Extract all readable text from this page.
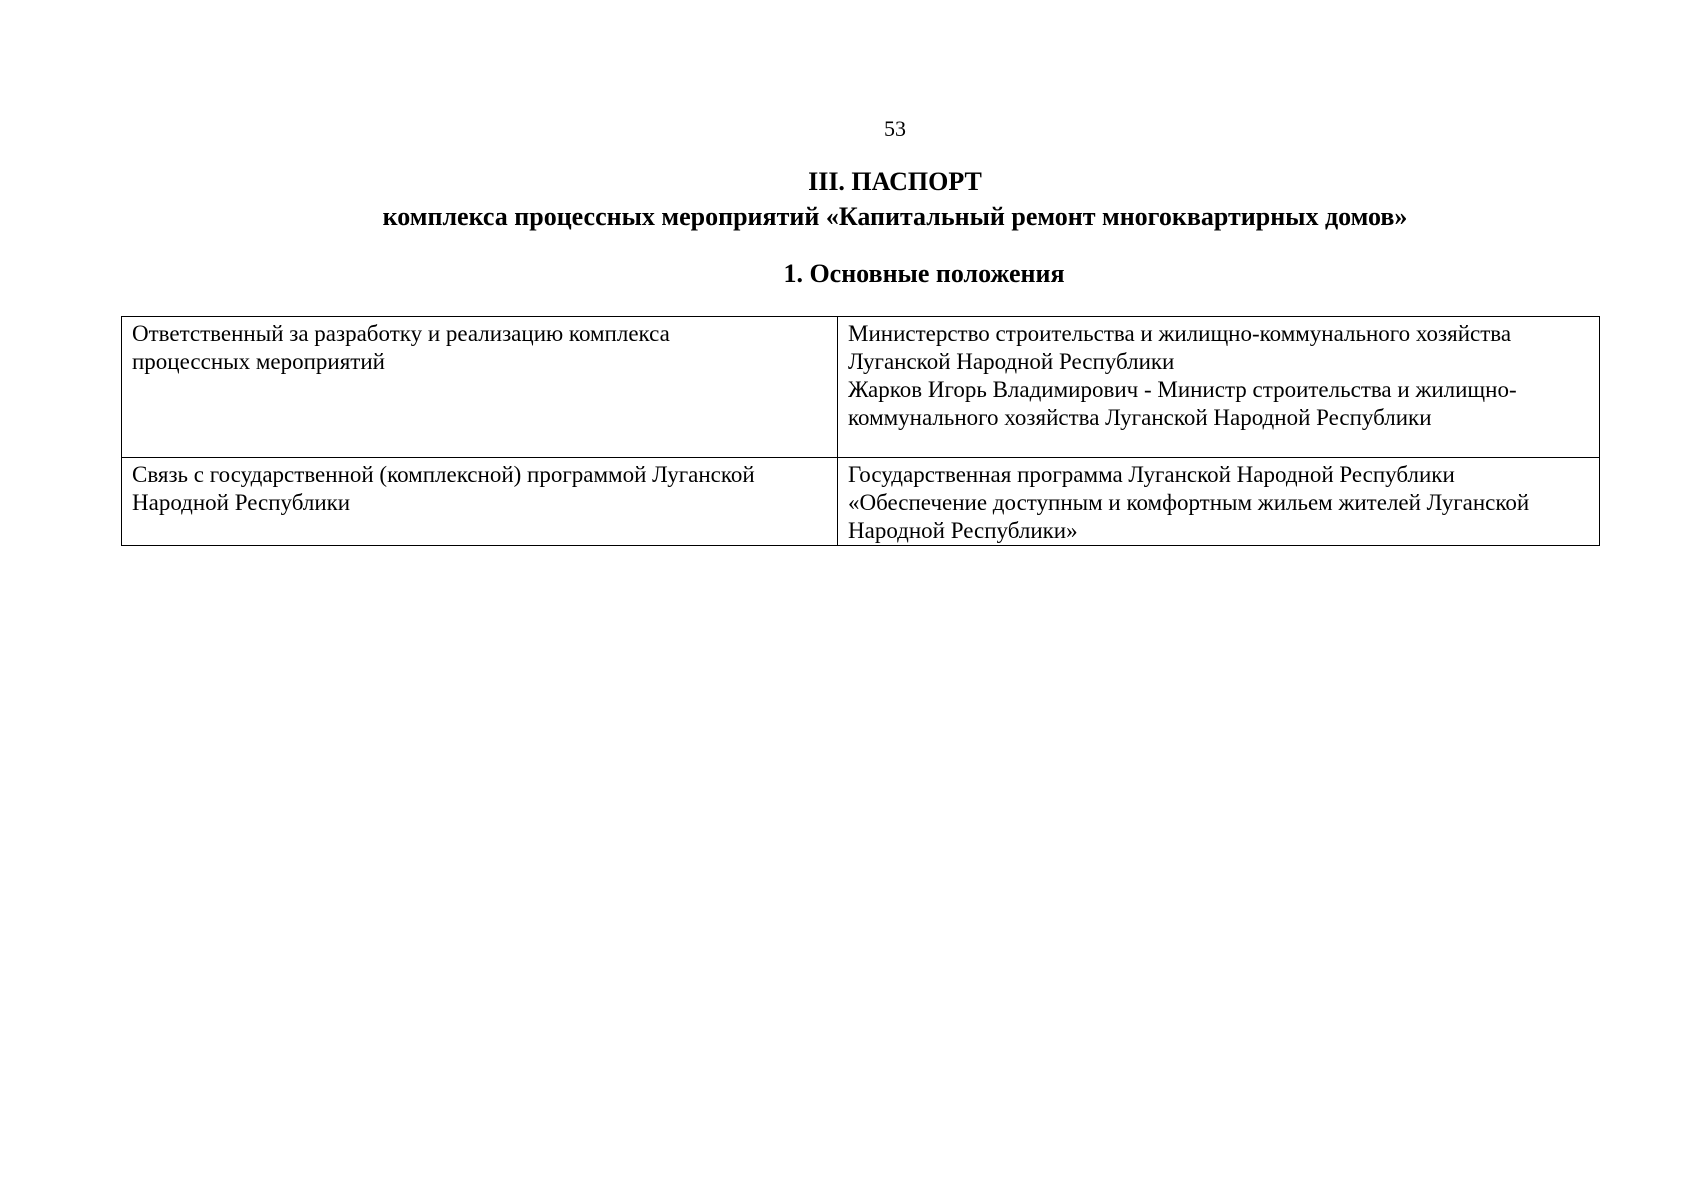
53
III. ПАСПОРТ
комплекса процессных мероприятий «Капитальный ремонт многоквартирных домов»
1. Основные положения
Ответственный за разработку и реализацию комплекса процессных мероприятий	Министерство строительства и жилищно-коммунального хозяйства Луганской Народной Республики
Жарков Игорь Владимирович - Министр строительства и жилищно-коммунального хозяйства Луганской Народной Республики

Связь с государственной (комплексной) программой Луганской Народной Республики	Государственная программа Луганской Народной Республики «Обеспечение доступным и комфортным жильем жителей Луганской Народной Республики»
